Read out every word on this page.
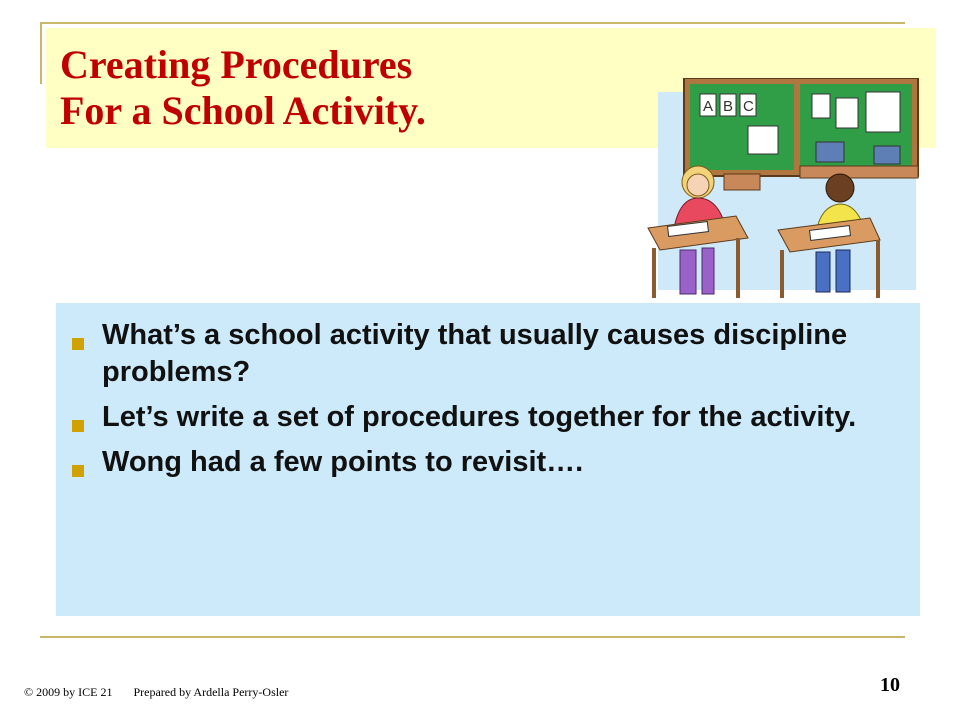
Creating Procedures
For a School Activity.	A B C
What’s a school activity that usually causes discipline problems?
Let’s write a set of procedures together for the activity.
Wong had a few points to revisit….
© 2009 by ICE 21 Prepared by Ardella Perry-Osler	10
